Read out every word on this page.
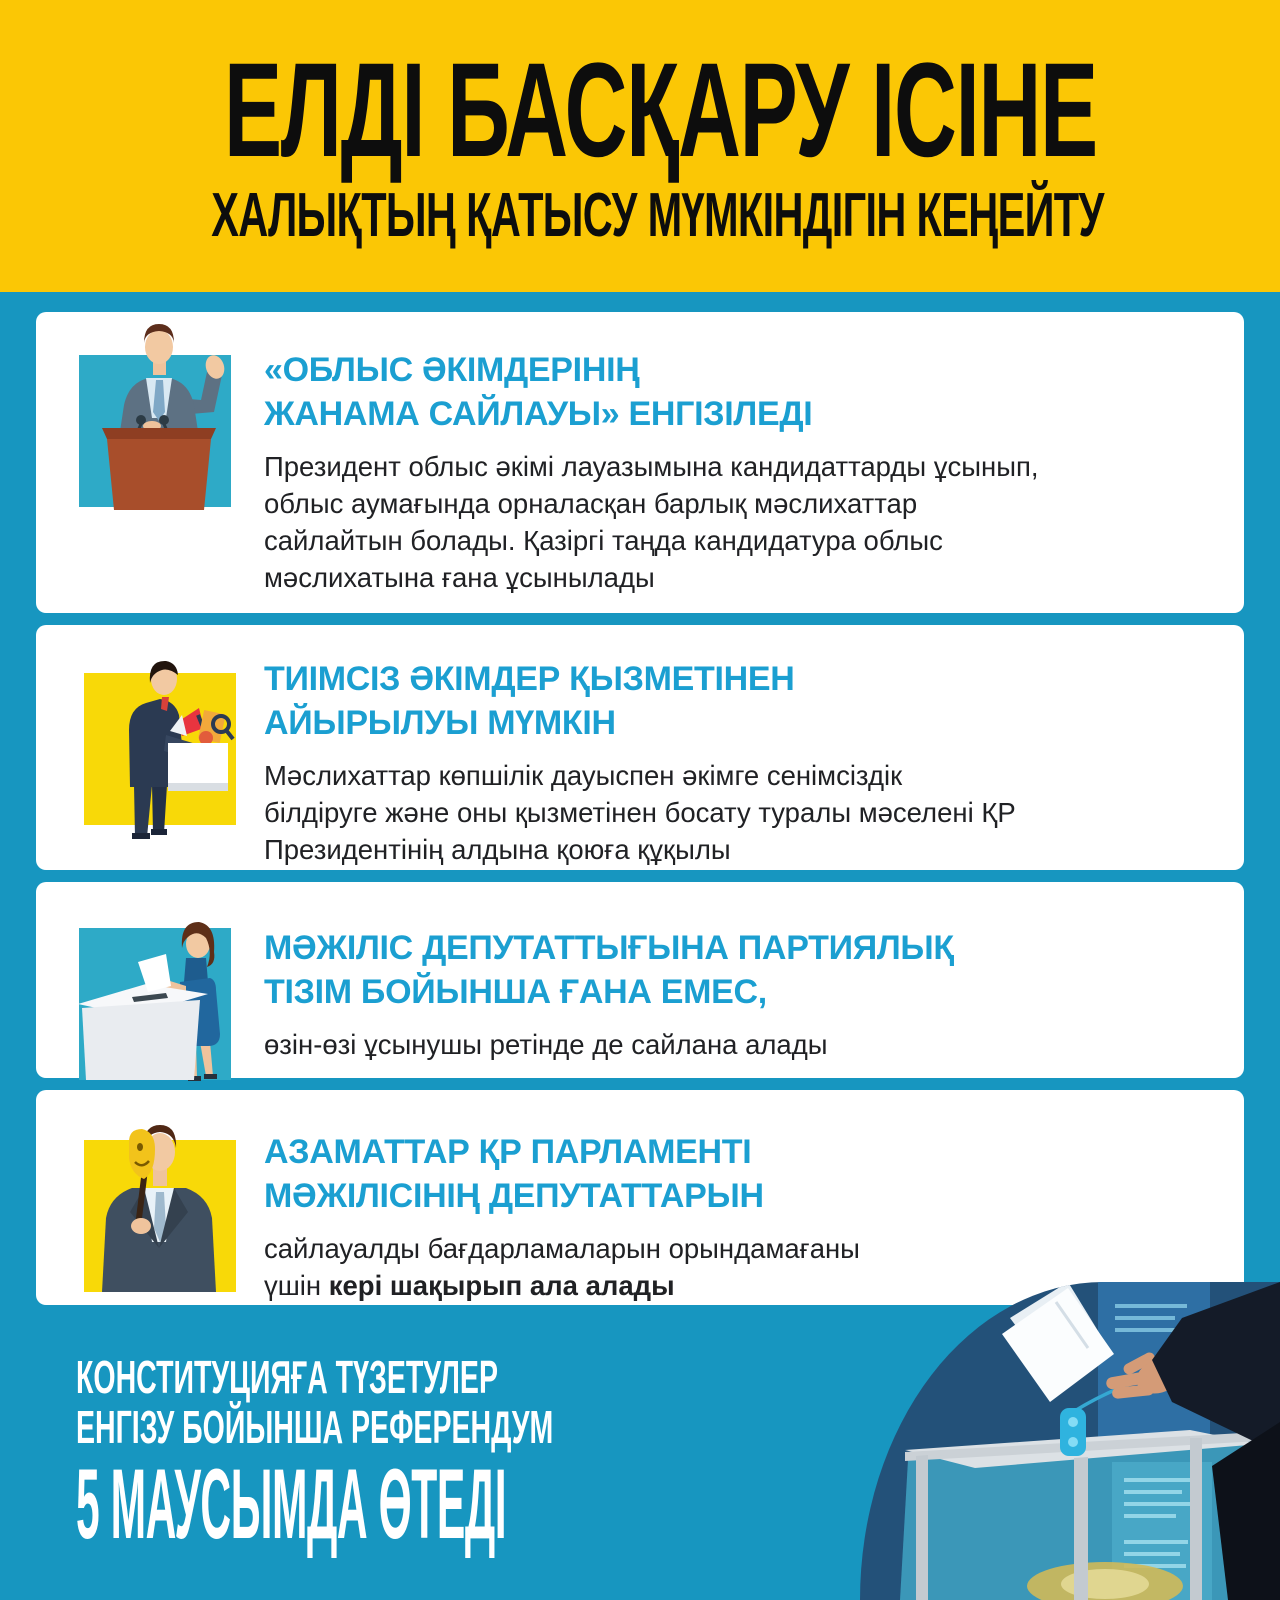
ЕЛДІ БАСҚАРУ ІСІНЕ
ХАЛЫҚТЫҢ ҚАТЫСУ МҮМКІНДІГІН КЕҢЕЙТУ
«ОБЛЫС ӘКІМДЕРІНІҢ
ЖАНАМА САЙЛАУЫ» ЕНГІЗІЛЕДІ

Президент облыс әкімі лауазымына кандидаттарды ұсынып,
облыс аумағында орналасқан барлық мәслихаттар
сайлайтын болады. Қазіргі таңда кандидатура облыс
мәслихатына ғана ұсынылады

ТИІМСІЗ ӘКІМДЕР ҚЫЗМЕТІНЕН
АЙЫРЫЛУЫ МҮМКІН

Мәслихаттар көпшілік дауыспен әкімге сенімсіздік
білдіруге және оны қызметінен босату туралы мәселені ҚР
Президентінің алдына қоюға құқылы

МӘЖІЛІС ДЕПУТАТТЫҒЫНА ПАРТИЯЛЫҚ
ТІЗІМ БОЙЫНША ҒАНА ЕМЕС,

өзін-өзі ұсынушы ретінде де сайлана алады

АЗАМАТТАР ҚР ПАРЛАМЕНТІ
МӘЖІЛІСІНІҢ ДЕПУТАТТАРЫН

сайлауалды бағдарламаларын орындамағаны
үшін кері шақырып ала алады

КОНСТИТУЦИЯҒА ТҮЗЕТУЛЕР
ЕНГІЗУ БОЙЫНША РЕФЕРЕНДУМ
5 МАУСЫМДА ӨТЕДІ
